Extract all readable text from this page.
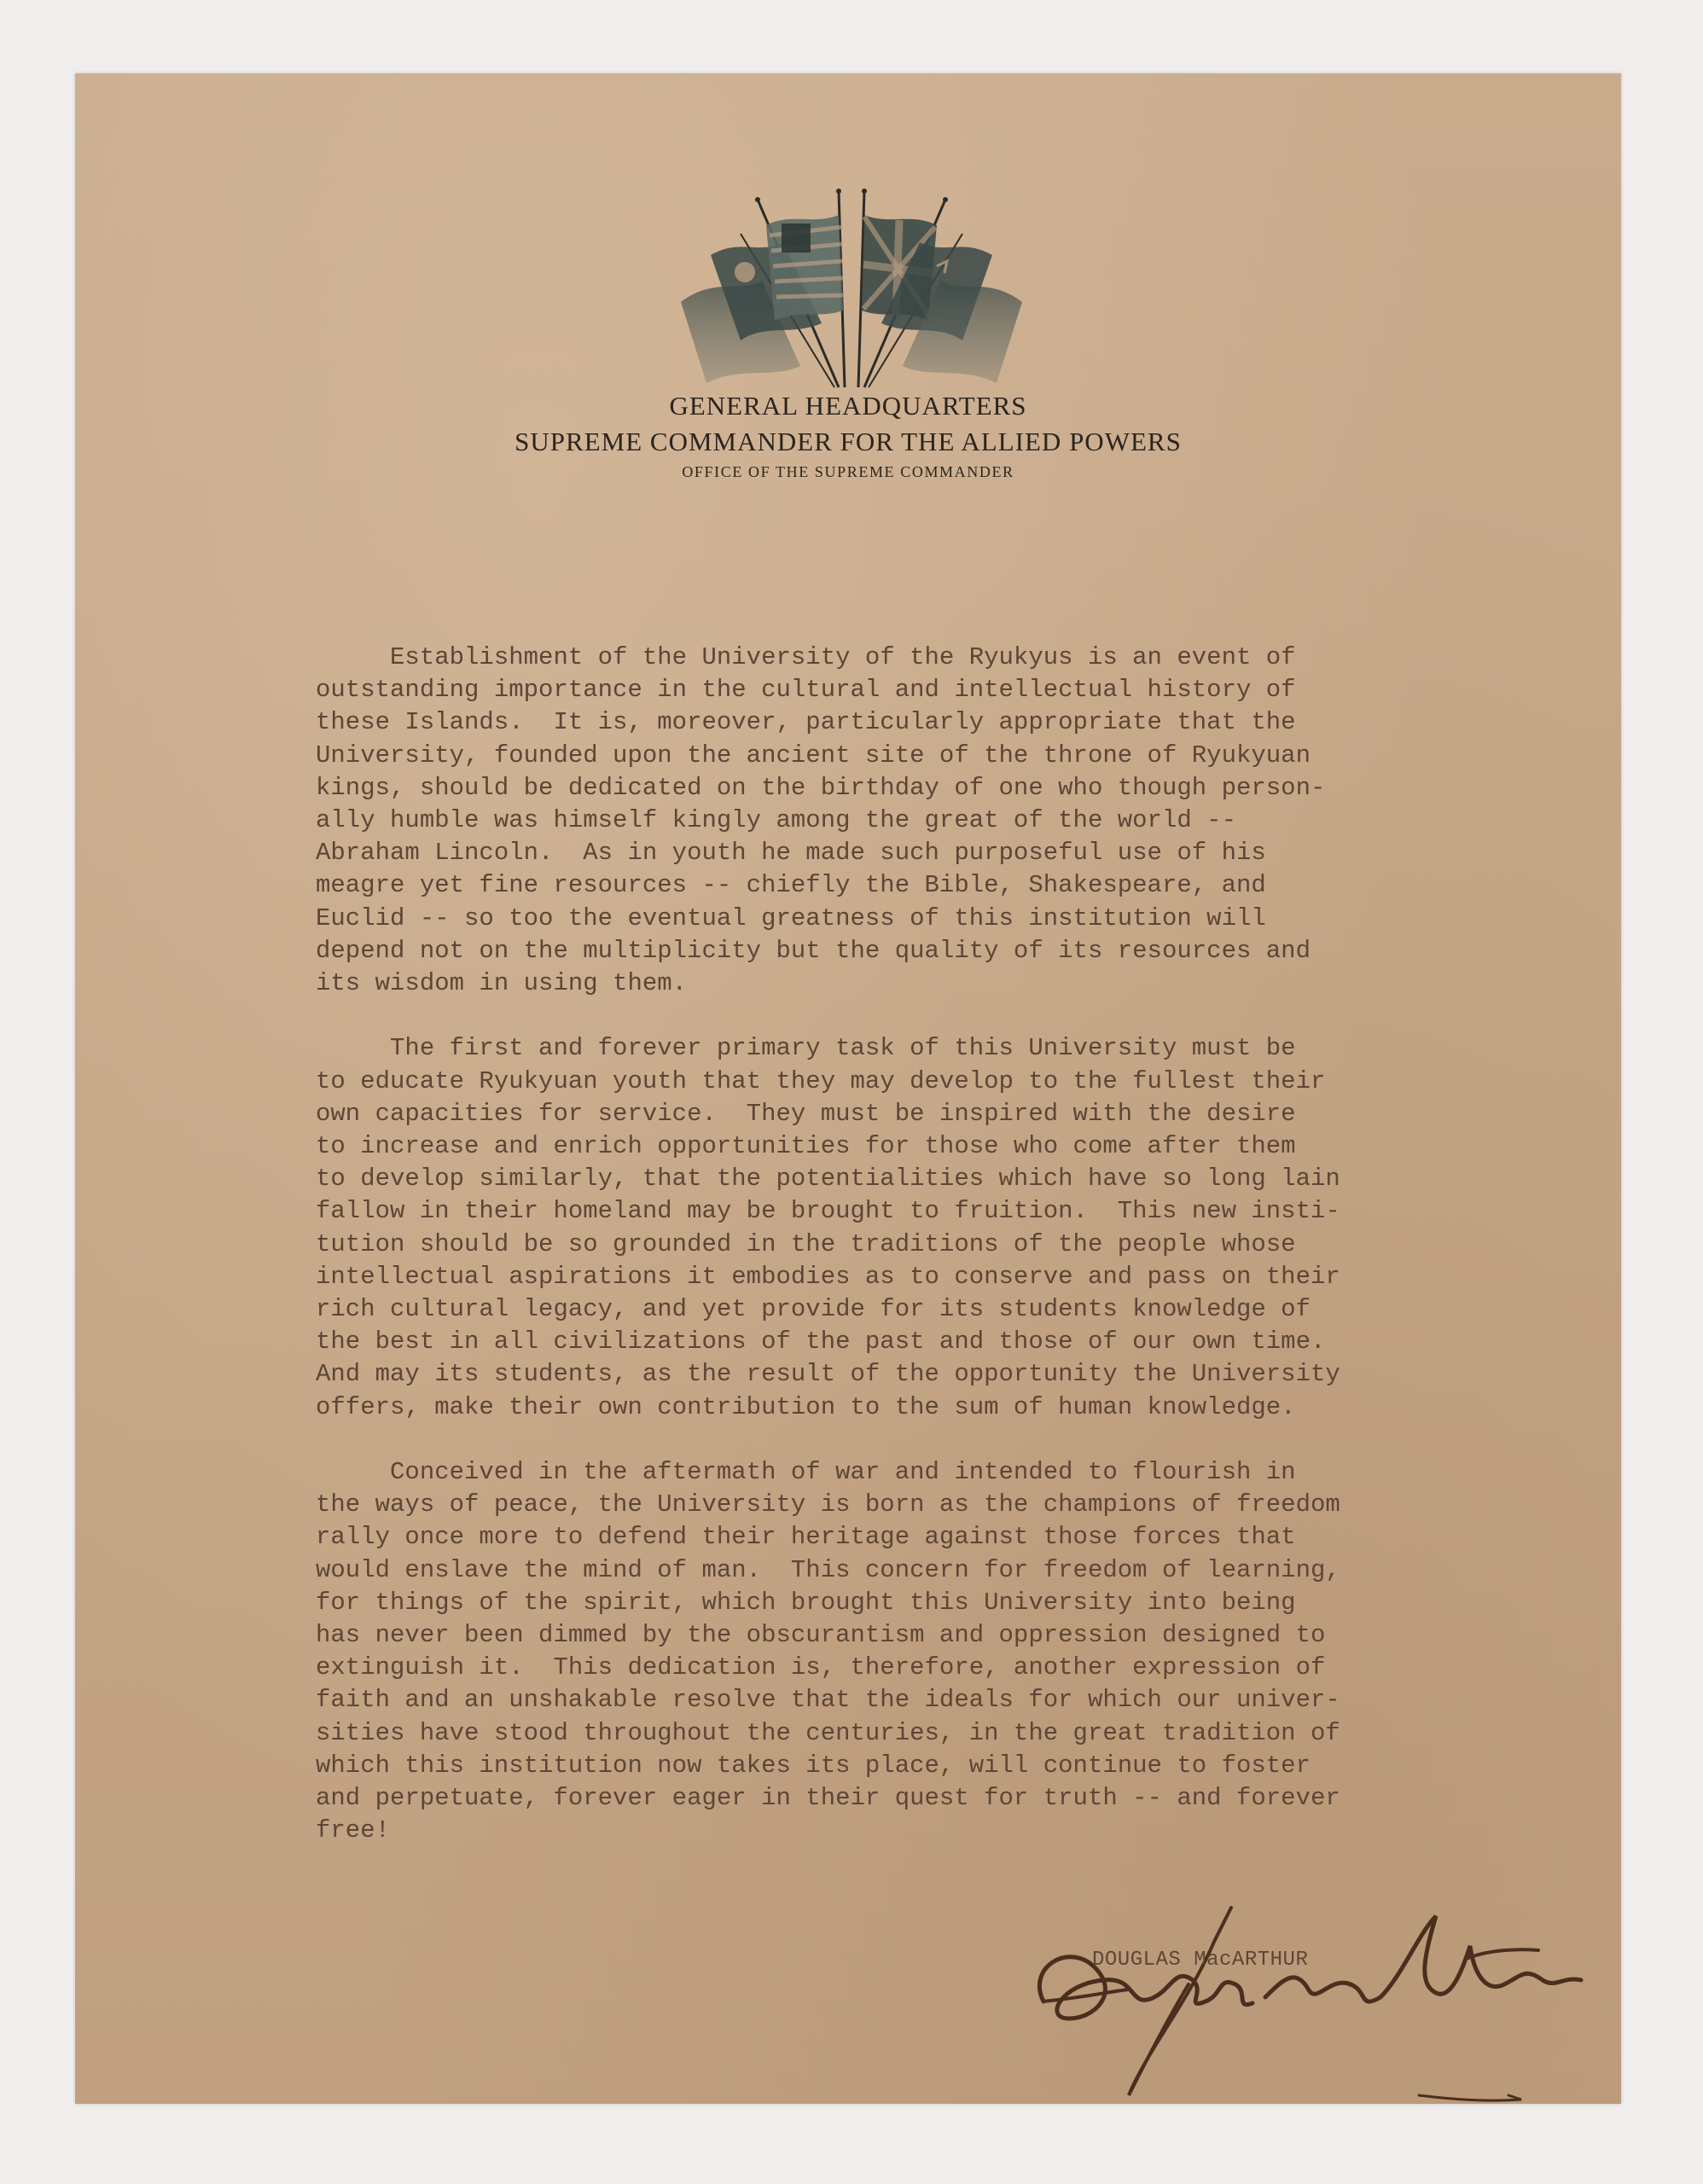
GENERAL HEADQUARTERS
SUPREME COMMANDER FOR THE ALLIED POWERS
OFFICE OF THE SUPREME COMMANDER
Establishment of the University of the Ryukyus is an event of
outstanding importance in the cultural and intellectual history of
these Islands.  It is, moreover, particularly appropriate that the
University, founded upon the ancient site of the throne of Ryukyuan
kings, should be dedicated on the birthday of one who though person-
ally humble was himself kingly among the great of the world --
Abraham Lincoln.  As in youth he made such purposeful use of his
meagre yet fine resources -- chiefly the Bible, Shakespeare, and
Euclid -- so too the eventual greatness of this institution will
depend not on the multiplicity but the quality of its resources and
its wisdom in using them.
The first and forever primary task of this University must be
to educate Ryukyuan youth that they may develop to the fullest their
own capacities for service.  They must be inspired with the desire
to increase and enrich opportunities for those who come after them
to develop similarly, that the potentialities which have so long lain
fallow in their homeland may be brought to fruition.  This new insti-
tution should be so grounded in the traditions of the people whose
intellectual aspirations it embodies as to conserve and pass on their
rich cultural legacy, and yet provide for its students knowledge of
the best in all civilizations of the past and those of our own time.
And may its students, as the result of the opportunity the University
offers, make their own contribution to the sum of human knowledge.
Conceived in the aftermath of war and intended to flourish in
the ways of peace, the University is born as the champions of freedom
rally once more to defend their heritage against those forces that
would enslave the mind of man.  This concern for freedom of learning,
for things of the spirit, which brought this University into being
has never been dimmed by the obscurantism and oppression designed to
extinguish it.  This dedication is, therefore, another expression of
faith and an unshakable resolve that the ideals for which our univer-
sities have stood throughout the centuries, in the great tradition of
which this institution now takes its place, will continue to foster
and perpetuate, forever eager in their quest for truth -- and forever
free!
DOUGLAS MacARTHUR
